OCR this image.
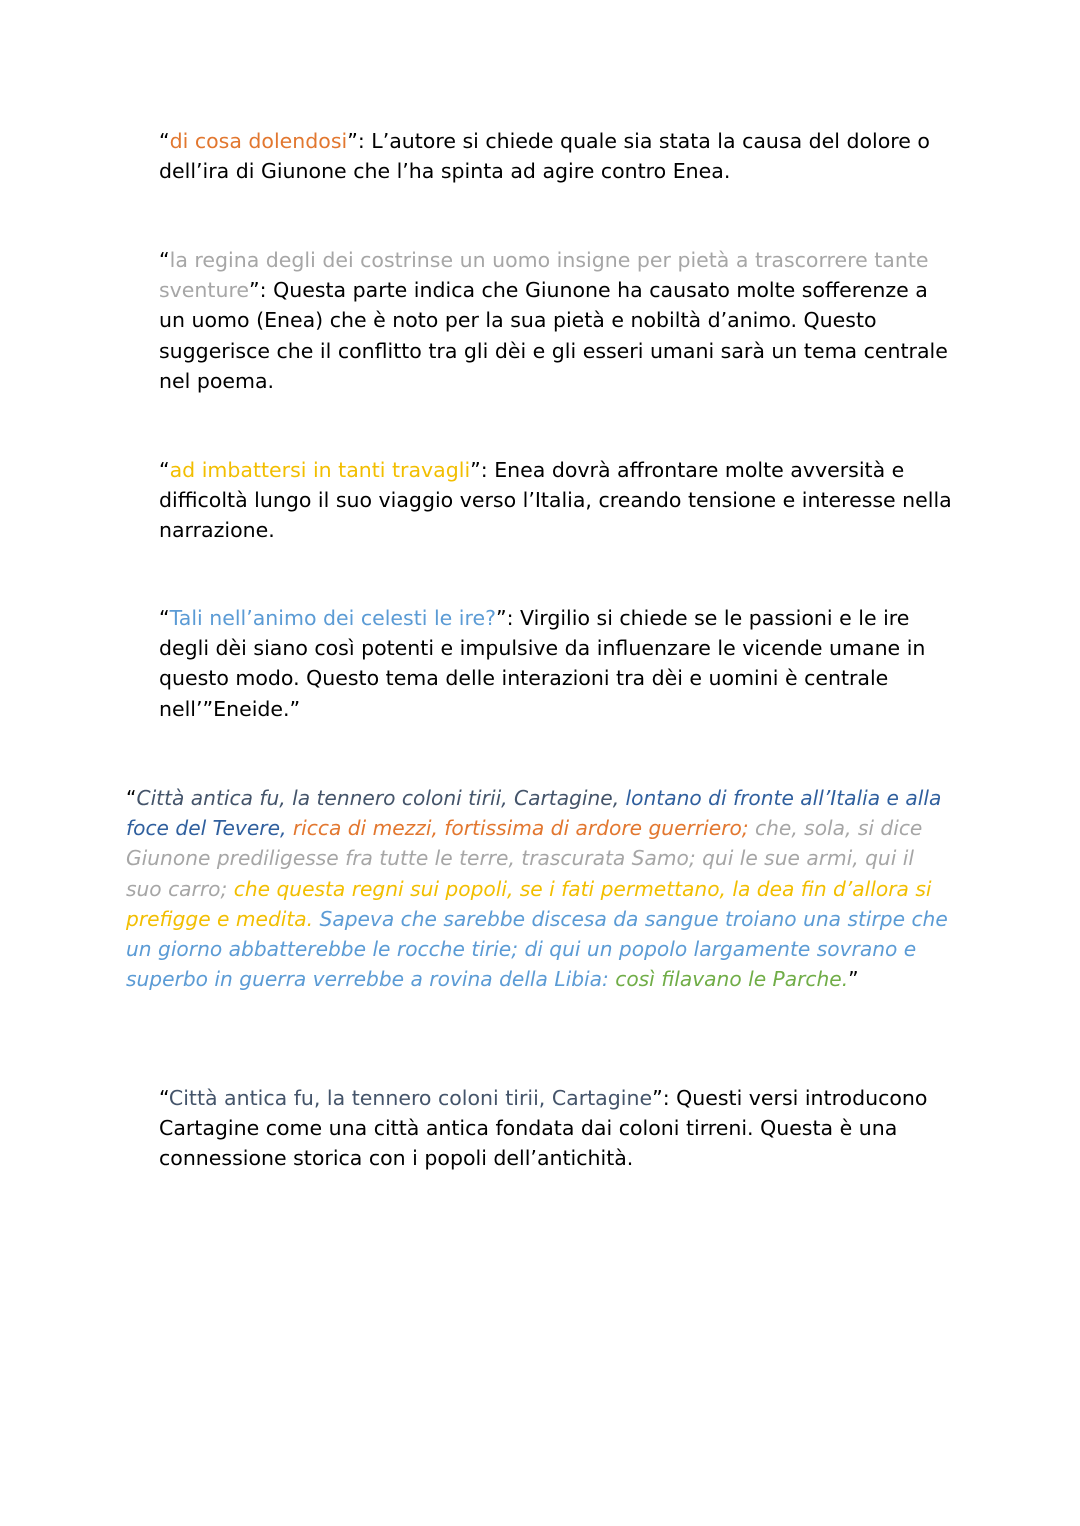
“di cosa dolendosi”: L’autore si chiede quale sia stata la causa del dolore o dell’ira di Giunone che l’ha spinta ad agire contro Enea.

“la regina degli dei costrinse un uomo insigne per pietà a trascorrere tante sventure”: Questa parte indica che Giunone ha causato molte sofferenze a un uomo (Enea) che è noto per la sua pietà e nobiltà d’animo. Questo suggerisce che il conflitto tra gli dèi e gli esseri umani sarà un tema centrale nel poema.

“ad imbattersi in tanti travagli”: Enea dovrà affrontare molte avversità e difficoltà lungo il suo viaggio verso l’Italia, creando tensione e interesse nella narrazione.

“Tali nell’animo dei celesti le ire?”: Virgilio si chiede se le passioni e le ire degli dèi siano così potenti e impulsive da influenzare le vicende umane in questo modo. Questo tema delle interazioni tra dèi e uomini è centrale nell’”Eneide.”

“Città antica fu, la tennero coloni tirii, Cartagine, lontano di fronte all’Italia e alla foce del Tevere, ricca di mezzi, fortissima di ardore guerriero; che, sola, si dice Giunone prediligesse fra tutte le terre, trascurata Samo; qui le sue armi, qui il suo carro; che questa regni sui popoli, se i fati permettano, la dea fin d’allora si prefigge e medita. Sapeva che sarebbe discesa da sangue troiano una stirpe che un giorno abbatterebbe le rocche tirie; di qui un popolo largamente sovrano e superbo in guerra verrebbe a rovina della Libia: così filavano le Parche.”

“Città antica fu, la tennero coloni tirii, Cartagine”: Questi versi introducono Cartagine come una città antica fondata dai coloni tirreni. Questa è una connessione storica con i popoli dell’antichità.
